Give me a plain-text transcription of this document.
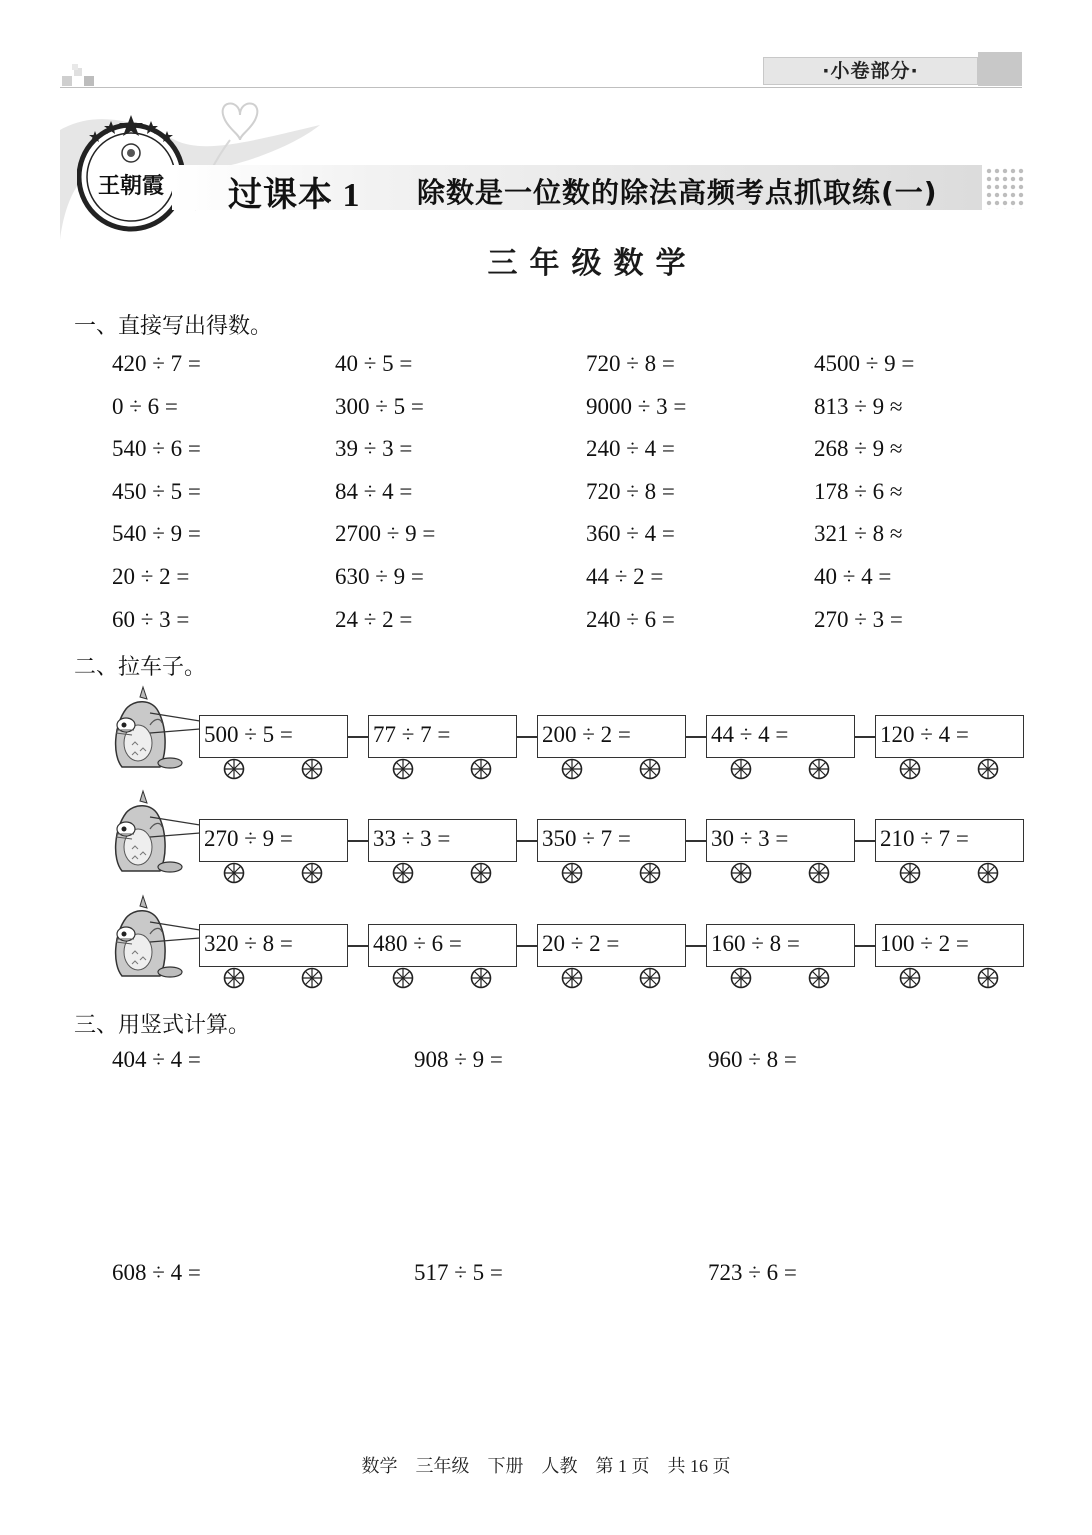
·小卷部分·
王朝霞 过课本 1 除数是一位数的除法高频考点抓取练(一)
三年级数学
一、直接写出得数。
420 ÷ 7 =	40 ÷ 5 =	720 ÷ 8 =	4500 ÷ 9 =
0 ÷ 6 =	300 ÷ 5 =	9000 ÷ 3 =	813 ÷ 9 ≈
540 ÷ 6 =	39 ÷ 3 =	240 ÷ 4 =	268 ÷ 9 ≈
450 ÷ 5 =	84 ÷ 4 =	720 ÷ 8 =	178 ÷ 6 ≈
540 ÷ 9 =	2700 ÷ 9 =	360 ÷ 4 =	321 ÷ 8 ≈
20 ÷ 2 =	630 ÷ 9 =	44 ÷ 2 =	40 ÷ 4 =
60 ÷ 3 =	24 ÷ 2 =	240 ÷ 6 =	270 ÷ 3 =
二、拉车子。
500 ÷ 5 =	77 ÷ 7 =	200 ÷ 2 =	44 ÷ 4 =	120 ÷ 4 =
270 ÷ 9 =	33 ÷ 3 =	350 ÷ 7 =	30 ÷ 3 =	210 ÷ 7 =
320 ÷ 8 =	480 ÷ 6 =	20 ÷ 2 =	160 ÷ 8 =	100 ÷ 2 =
三、用竖式计算。
404 ÷ 4 =	908 ÷ 9 =	960 ÷ 8 =
608 ÷ 4 =	517 ÷ 5 =	723 ÷ 6 =
数学　三年级　下册　人教　第 1 页　共 16 页
